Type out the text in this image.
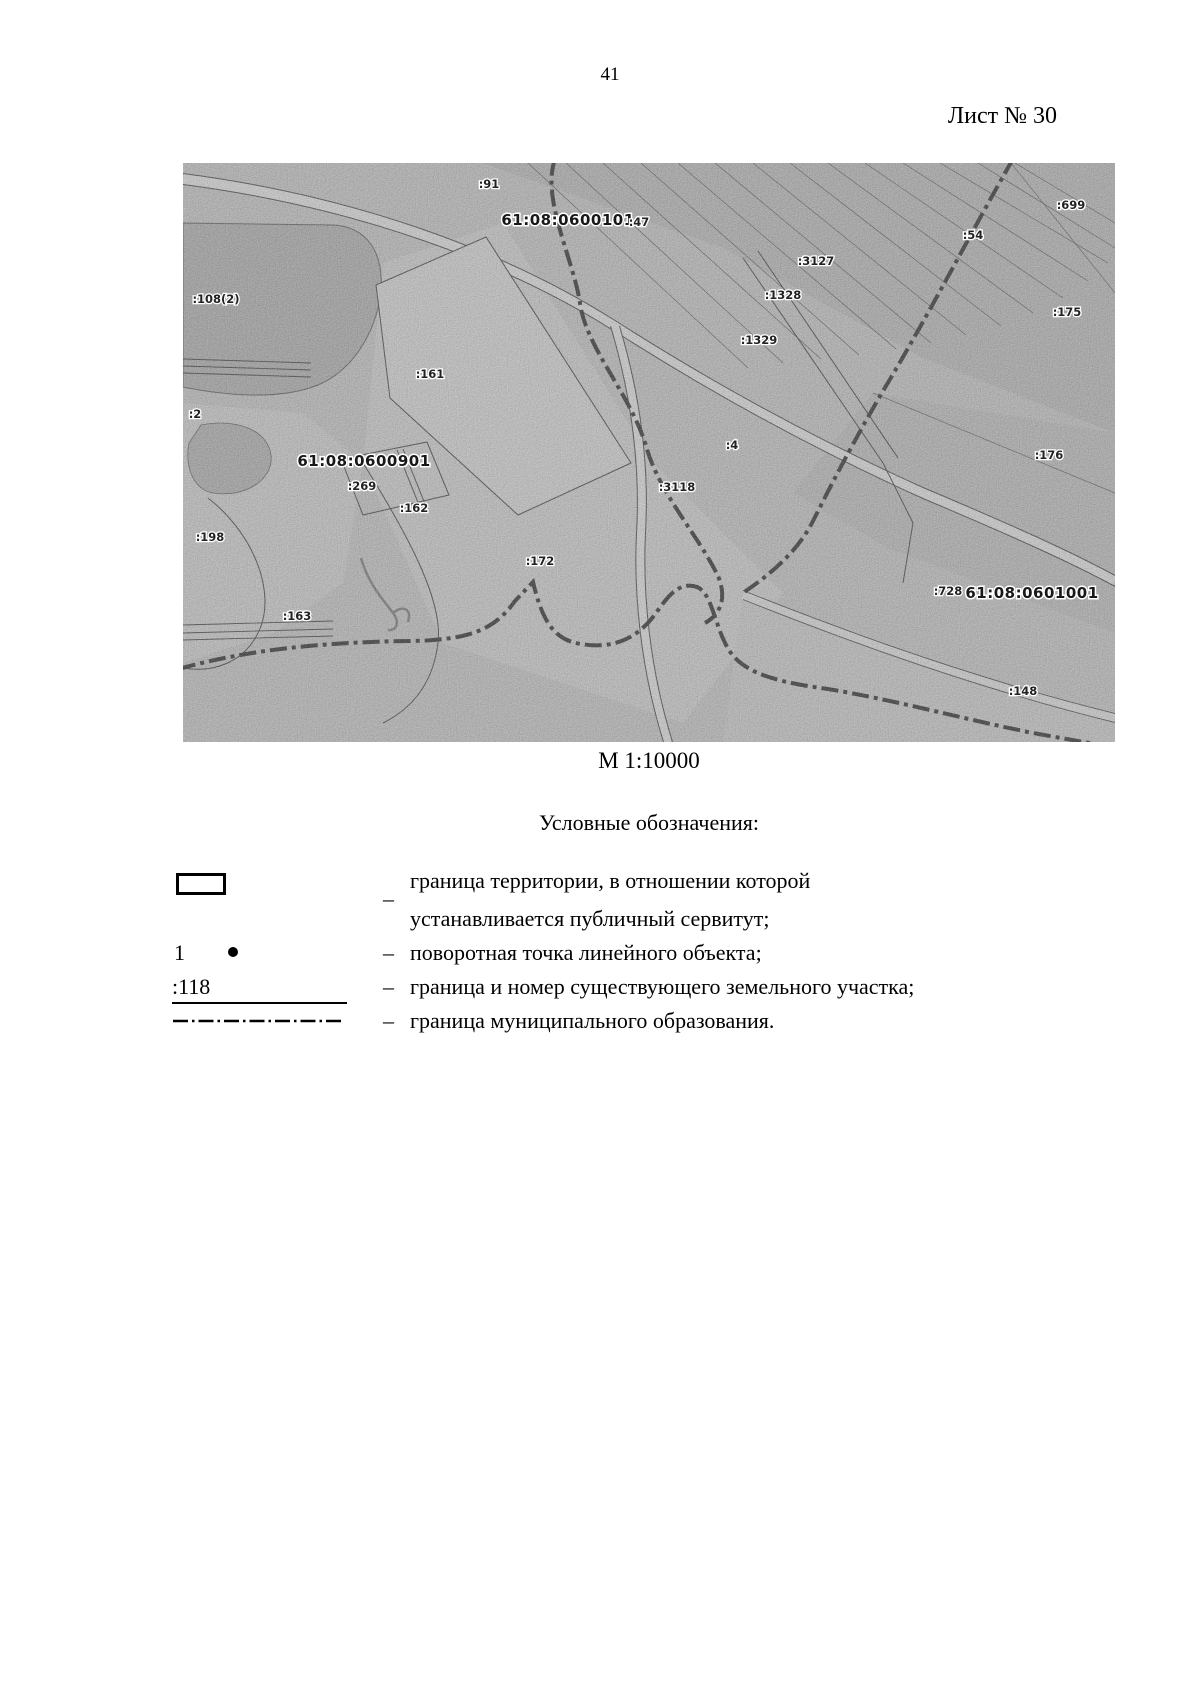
41
Лист № 30
61:08:0600101
61:08:0600901
61:08:0601001
:91
:699
:47
:54
:3127
:1328
:108(2)
:175
:1329
:161
:2
:4
:176
:269	:3118
:162
:198
:172
:728
:163
:148
М 1:10000
Условные обозначения:
–
граница территории, в отношении которой
устанавливается публичный сервитут;
1	– поворотная точка линейного объекта;
:118	– граница и номер существующего земельного участка;
– граница муниципального образования.
